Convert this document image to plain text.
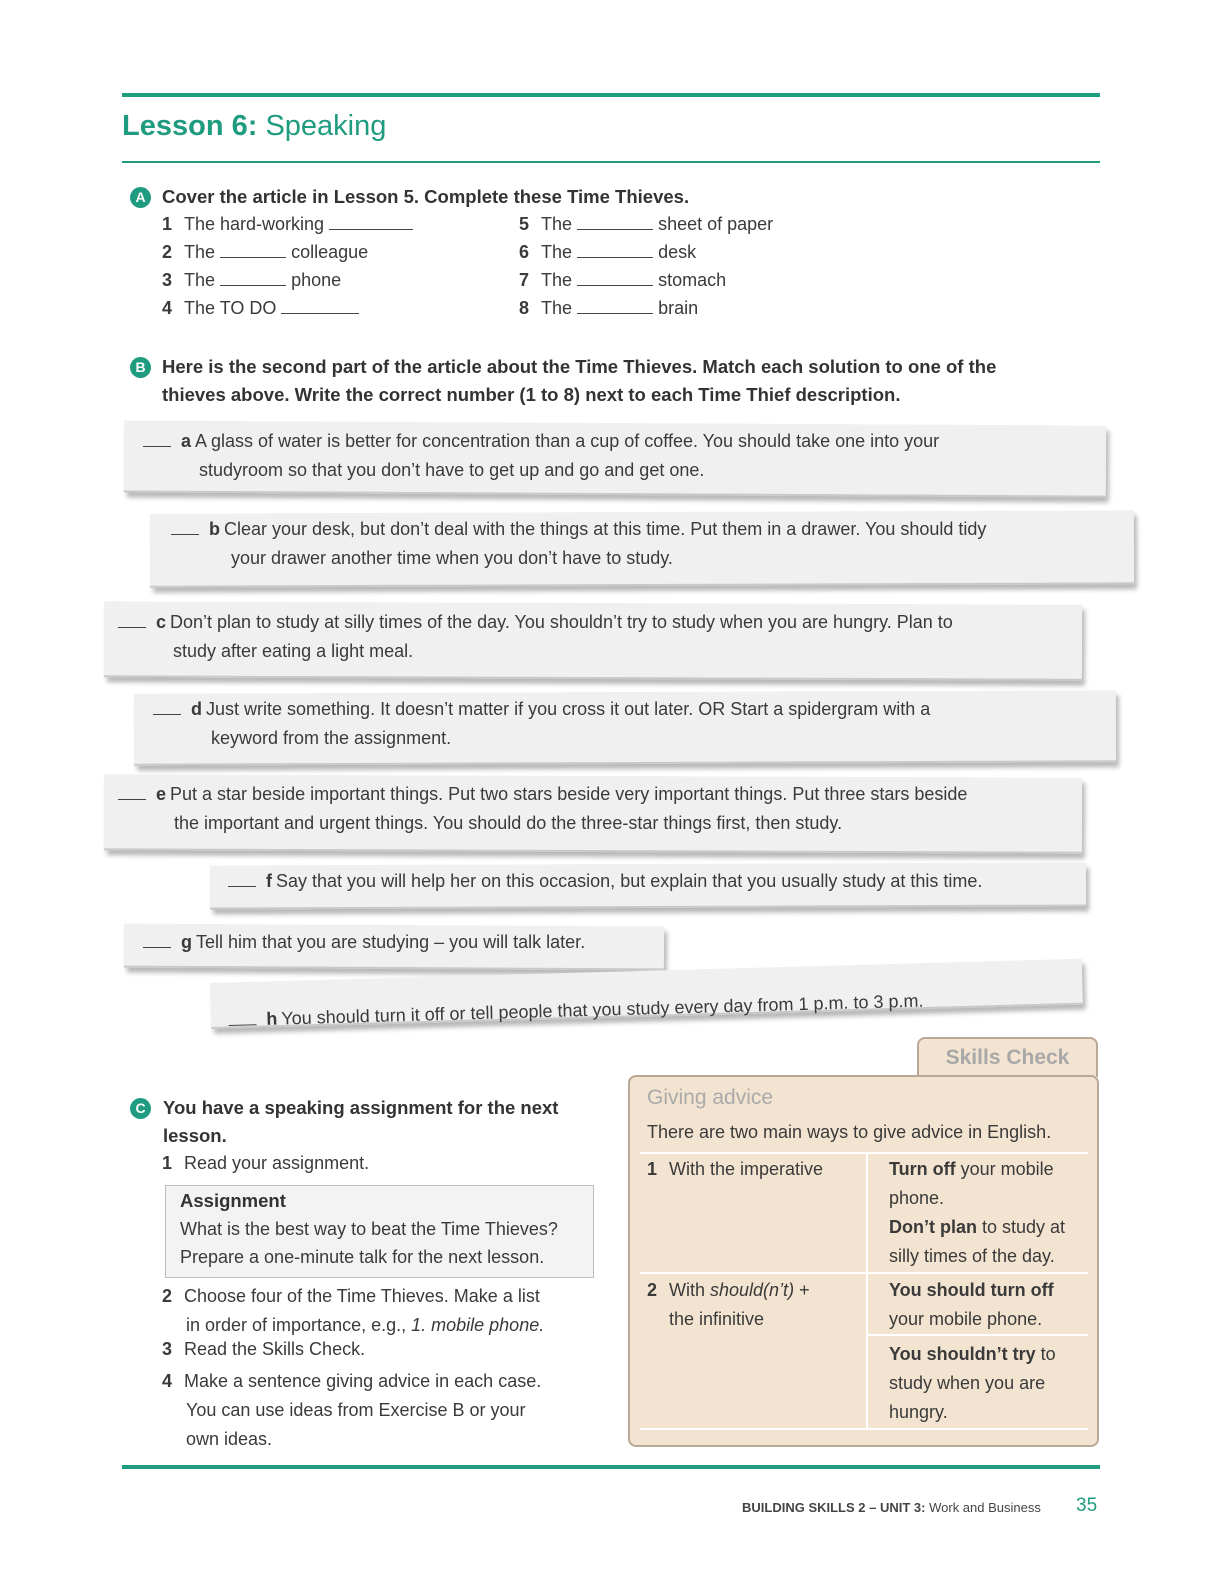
Lesson 6: Speaking
A Cover the article in Lesson 5. Complete these Time Thieves.
1 The hard-working
2 The	colleague
3 The	phone
4 The TO DO
5 The	sheet of paper
6 The	desk
7 The	stomach
8 The	brain
B Here is the second part of the article about the Time Thieves. Match each solution to one of the
thieves above. Write the correct number (1 to 8) next to each Time Thief description.
a A glass of water is better for concentration than a cup of coffee. You should take one into your
studyroom so that you don’t have to get up and go and get one.
b Clear your desk, but don’t deal with the things at this time. Put them in a drawer. You should tidy
your drawer another time when you don’t have to study.
c Don’t plan to study at silly times of the day. You shouldn’t try to study when you are hungry. Plan to
study after eating a light meal.
d Just write something. It doesn’t matter if you cross it out later. OR Start a spidergram with a
keyword from the assignment.
e Put a star beside important things. Put two stars beside very important things. Put three stars beside
the important and urgent things. You should do the three-star things first, then study.
f Say that you will help her on this occasion, but explain that you usually study at this time.
g Tell him that you are studying – you will talk later.
h You should turn it off or tell people that you study every day from 1 p.m. to 3 p.m.
C You have a speaking assignment for the next
lesson.
1 Read your assignment.
Assignment
What is the best way to beat the Time Thieves?
Prepare a one-minute talk for the next lesson.
2 Choose four of the Time Thieves. Make a list
in order of importance, e.g., 1. mobile phone.
3 Read the Skills Check.
4 Make a sentence giving advice in each case.
You can use ideas from Exercise B or your
own ideas.
Skills Check
Giving advice
There are two main ways to give advice in English.
1 With the imperative	Turn off your mobile
phone.
Don’t plan to study at
silly times of the day.
2 With should(n’t) +
the infinitive
You should turn off
your mobile phone.
You shouldn’t try to
study when you are
hungry.
BUILDING SKILLS 2 – UNIT 3: Work and Business 35
